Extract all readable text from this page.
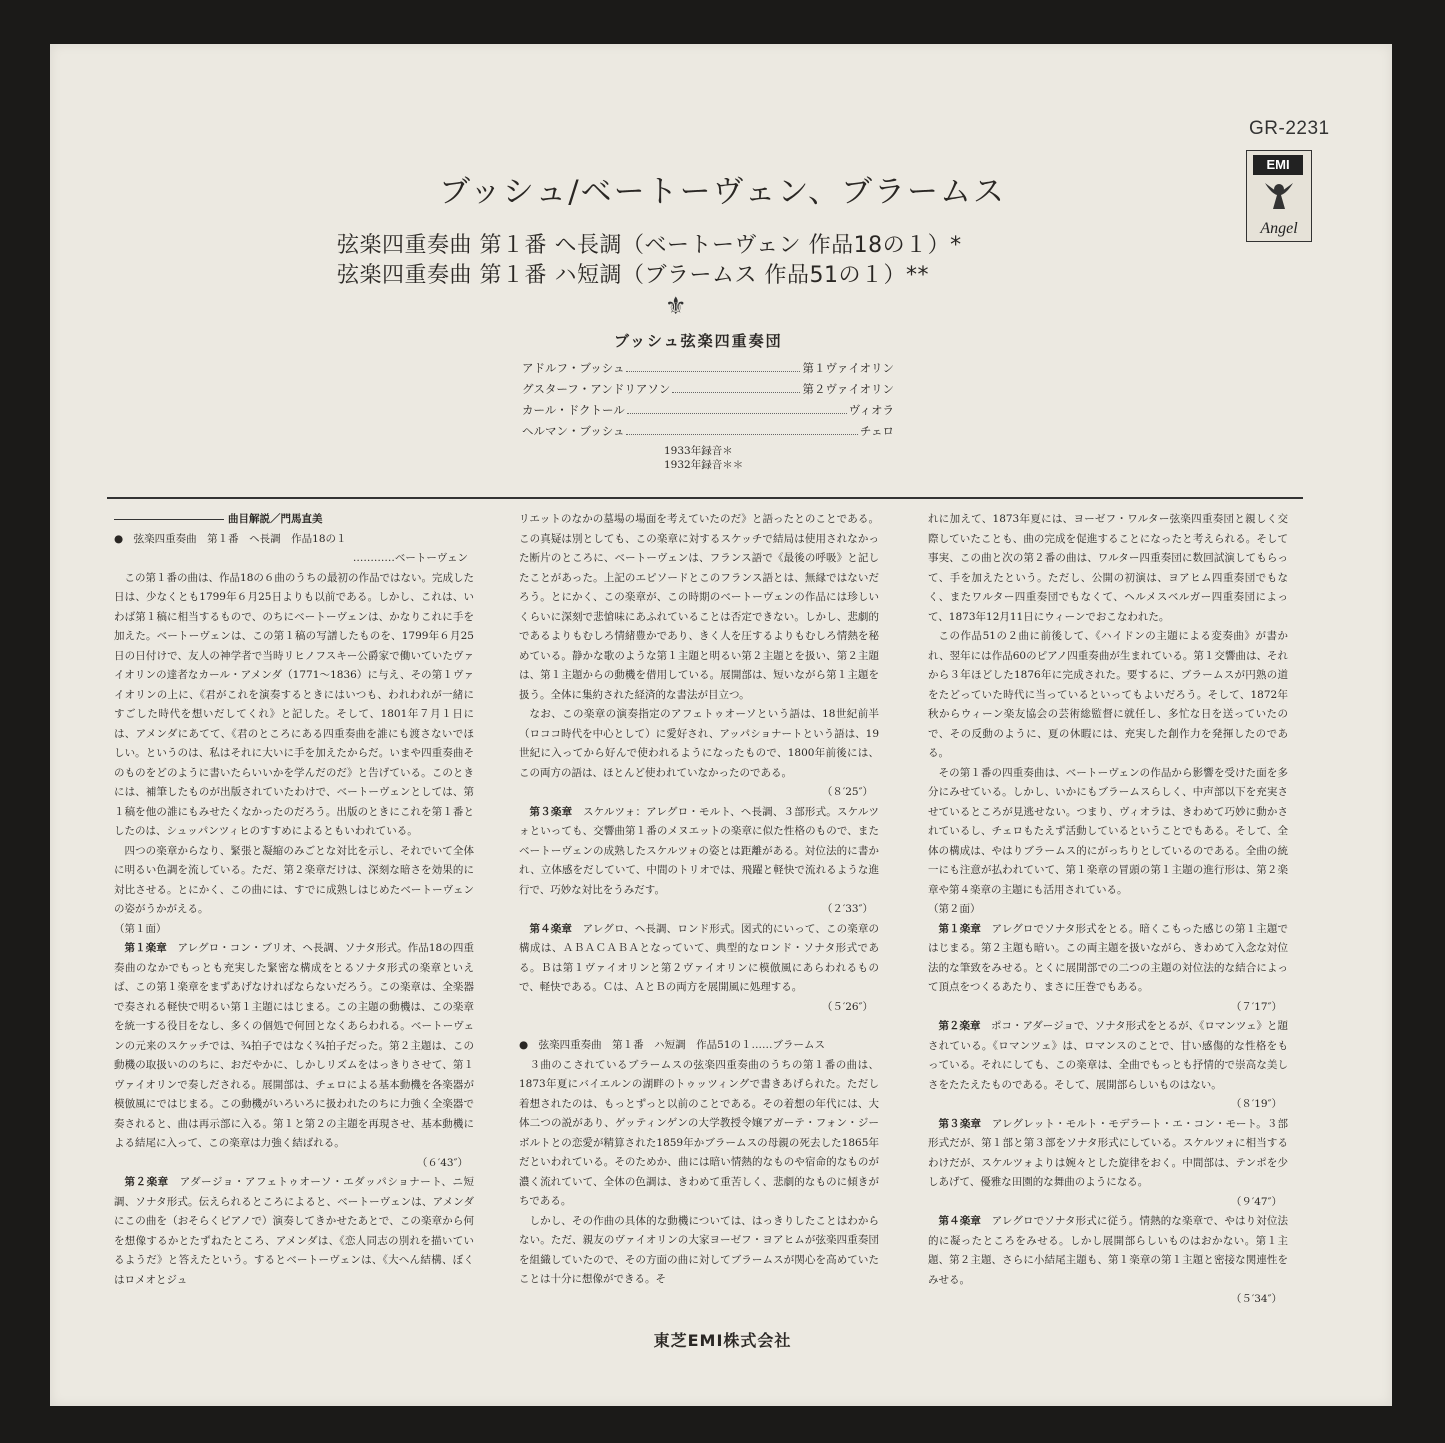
GR-2231
EMI
Angel
ブッシュ/ベートーヴェン、ブラームス
弦楽四重奏曲 第１番 ヘ長調（ベートーヴェン 作品18の１）*
弦楽四重奏曲 第１番 ハ短調（ブラームス 作品51の１）**
⚜
ブッシュ弦楽四重奏団
アドルフ・ブッシュ	第１ヴァイオリン
グスターフ・アンドリアソン	第２ヴァイオリン
カール・ドクトール	ヴィオラ
ヘルマン・ブッシュ	チェロ
1933年録音＊
1932年録音＊＊
曲目解説／門馬直美

●　 弦楽四重奏曲　第１番　ヘ長調　作品18の１

…………ベートーヴェン

この第１番の曲は、作品18の６曲のうちの最初の作品ではない。完成した日は、少なくとも1799年６月25日よりも以前である。しかし、これは、いわば第１稿に相当するもので、のちにベートーヴェンは、かなりこれに手を加えた。ベートーヴェンは、この第１稿の写譜したものを、1799年６月25日の日付けで、友人の神学者で当時リヒノフスキー公爵家で働いていたヴァイオリンの達者なカール・アメンダ（1771～1836）に与え、その第１ヴァイオリンの上に、《君がこれを演奏するときにはいつも、われわれが一緒にすごした時代を想いだしてくれ》と記した。そして、1801年７月１日には、アメンダにあてて、《君のところにある四重奏曲を誰にも渡さないでほしい。というのは、私はそれに大いに手を加えたからだ。いまや四重奏曲そのものをどのように書いたらいいかを学んだのだ》と告げている。このときには、補筆したものが出版されていたわけで、ベートーヴェンとしては、第１稿を他の誰にもみせたくなかったのだろう。出版のときにこれを第１番としたのは、シュッパンツィヒのすすめによるともいわれている。

四つの楽章からなり、緊張と凝縮のみごとな対比を示し、それでいて全体に明るい色調を流している。ただ、第２楽章だけは、深刻な暗さを効果的に対比させる。とにかく、この曲には、すでに成熟しはじめたベートーヴェンの姿がうかがえる。

（第１面）

第１楽章　 アレグロ・コン・ブリオ、ヘ長調、ソナタ形式。作品18の四重奏曲のなかでもっとも充実した緊密な構成をとるソナタ形式の楽章といえば、この第１楽章をまずあげなければならないだろう。この楽章は、全楽器で奏される軽快で明るい第１主題にはじまる。この主題の動機は、この楽章を統一する役目をなし、多くの個処で何回となくあらわれる。ベートーヴェンの元来のスケッチでは、¾拍子ではなく¾拍子だった。第２主題は、この動機の取扱いののちに、おだやかに、しかしリズムをはっきりさせて、第１ヴァイオリンで奏しだされる。展開部は、チェロによる基本動機を各楽器が模倣風にではじまる。この動機がいろいろに扱われたのちに力強く全楽器で奏されると、曲は再示部に入る。第１と第２の主題を再現させ、基本動機による結尾に入って、この楽章は力強く結ばれる。

（６′43″）

第２楽章　 アダージョ・アフェトゥオーソ・エダッパショナート、ニ短調、ソナタ形式。伝えられるところによると、ベートーヴェンは、アメンダにこの曲を（おそらくピアノで）演奏してきかせたあとで、この楽章から何を想像するかとたずねたところ、アメンダは、《恋人同志の別れを描いているようだ》と答えたという。するとベートーヴェンは、《大へん結構、ぼくはロメオとジュ

リエットのなかの墓場の場面を考えていたのだ》と語ったとのことである。この真疑は別としても、この楽章に対するスケッチで結局は使用されなかった断片のところに、ベートーヴェンは、フランス語で《最後の呼吸》と記したことがあった。上記のエピソードとこのフランス語とは、無縁ではないだろう。とにかく、この楽章が、この時期のベートーヴェンの作品には珍しいくらいに深刻で悲愴味にあふれていることは否定できない。しかし、悲劇的であるよりもむしろ情緒豊かであり、きく人を圧するよりもむしろ情熱を秘めている。静かな歌のような第１主題と明るい第２主題とを扱い、第２主題は、第１主題からの動機を借用している。展開部は、短いながら第１主題を扱う。全体に集約された経済的な書法が目立つ。

なお、この楽章の演奏指定のアフェトゥオーソという語は、18世紀前半（ロココ時代を中心として）に愛好され、アッパショナートという語は、19世紀に入ってから好んで使われるようになったもので、1800年前後には、この両方の語は、ほとんど使われていなかったのである。

（８′25″）

第３楽章　 スケルツォ：アレグロ・モルト、ヘ長調、３部形式。スケルツォといっても、交響曲第１番のメヌエットの楽章に似た性格のもので、またベートーヴェンの成熟したスケルツォの姿とは距離がある。対位法的に書かれ、立体感をだしていて、中間のトリオでは、飛躍と軽快で流れるような進行で、巧妙な対比をうみだす。

（２′33″）

第４楽章　 アレグロ、ヘ長調、ロンド形式。図式的にいって、この楽章の構成は、ＡＢＡＣＡＢＡとなっていて、典型的なロンド・ソナタ形式である。Ｂは第１ヴァイオリンと第２ヴァイオリンに模倣風にあらわれるもので、軽快である。Ｃは、ＡとＢの両方を展開風に処理する。

（５′26″）

●　 弦楽四重奏曲　第１番　ハ短調　作品51の１……ブラームス

３曲のこされているブラームスの弦楽四重奏曲のうちの第１番の曲は、1873年夏にバイエルンの湖畔のトゥッツィングで書きあげられた。ただし着想されたのは、もっとずっと以前のことである。その着想の年代には、大体二つの説があり、ゲッティンゲンの大学教授令嬢アガーテ・フォン・ジーボルトとの恋愛が精算された1859年かブラームスの母親の死去した1865年だといわれている。そのためか、曲には暗い情熱的なものや宿命的なものが濃く流れていて、全体の色調は、きわめて重苦しく、悲劇的なものに傾きがちである。

しかし、その作曲の具体的な動機については、はっきりしたことはわからない。ただ、親友のヴァイオリンの大家ヨーゼフ・ヨアヒムが弦楽四重奏団を組織していたので、その方面の曲に対してブラームスが関心を高めていたことは十分に想像ができる。そ

れに加えて、1873年夏には、ヨーゼフ・ワルター弦楽四重奏団と親しく交際していたことも、曲の完成を促進することになったと考えられる。そして事実、この曲と次の第２番の曲は、ワルター四重奏団に数回試演してもらって、手を加えたという。ただし、公開の初演は、ヨアヒム四重奏団でもなく、またワルター四重奏団でもなくて、ヘルメスベルガー四重奏団によって、1873年12月11日にウィーンでおこなわれた。

この作品51の２曲に前後して、《ハイドンの主題による変奏曲》が書かれ、翌年には作品60のピアノ四重奏曲が生まれている。第１交響曲は、それから３年ほどした1876年に完成された。要するに、ブラームスが円熟の道をたどっていた時代に当っているといってもよいだろう。そして、1872年秋からウィーン楽友協会の芸術総監督に就任し、多忙な日を送っていたので、その反動のように、夏の休暇には、充実した創作力を発揮したのである。

その第１番の四重奏曲は、ベートーヴェンの作品から影響を受けた面を多分にみせている。しかし、いかにもブラームスらしく、中声部以下を充実させているところが見逃せない。つまり、ヴィオラは、きわめて巧妙に動かされているし、チェロもたえず活動しているということでもある。そして、全体の構成は、やはりブラームス的にがっちりとしているのである。全曲の統一にも注意が払われていて、第１楽章の冒頭の第１主題の進行形は、第２楽章や第４楽章の主題にも活用されている。

（第２面）

第１楽章　 アレグロでソナタ形式をとる。暗くこもった感じの第１主題ではじまる。第２主題も暗い。この両主題を扱いながら、きわめて入念な対位法的な筆致をみせる。とくに展開部での二つの主題の対位法的な結合によって頂点をつくるあたり、まさに圧巻でもある。

（７′17″）

第２楽章　 ポコ・アダージョで、ソナタ形式をとるが、《ロマンツェ》と題されている。《ロマンツェ》は、ロマンスのことで、甘い感傷的な性格をもっている。それにしても、この楽章は、全曲でもっとも抒情的で崇高な美しさをたたえたものである。そして、展開部らしいものはない。

（８′19″）

第３楽章　 アレグレット・モルト・モデラート・エ・コン・モート。３部形式だが、第１部と第３部をソナタ形式にしている。スケルツォに相当するわけだが、スケルツォよりは婉々とした旋律をおく。中間部は、テンポを少しあげて、優雅な田園的な舞曲のようになる。

（９′47″）

第４楽章　 アレグロでソナタ形式に従う。情熱的な楽章で、やはり対位法的に凝ったところをみせる。しかし展開部らしいものはおかない。第１主題、第２主題、さらに小結尾主題も、第１楽章の第１主題と密接な関連性をみせる。

（５′34″）
東芝EMI株式会社
